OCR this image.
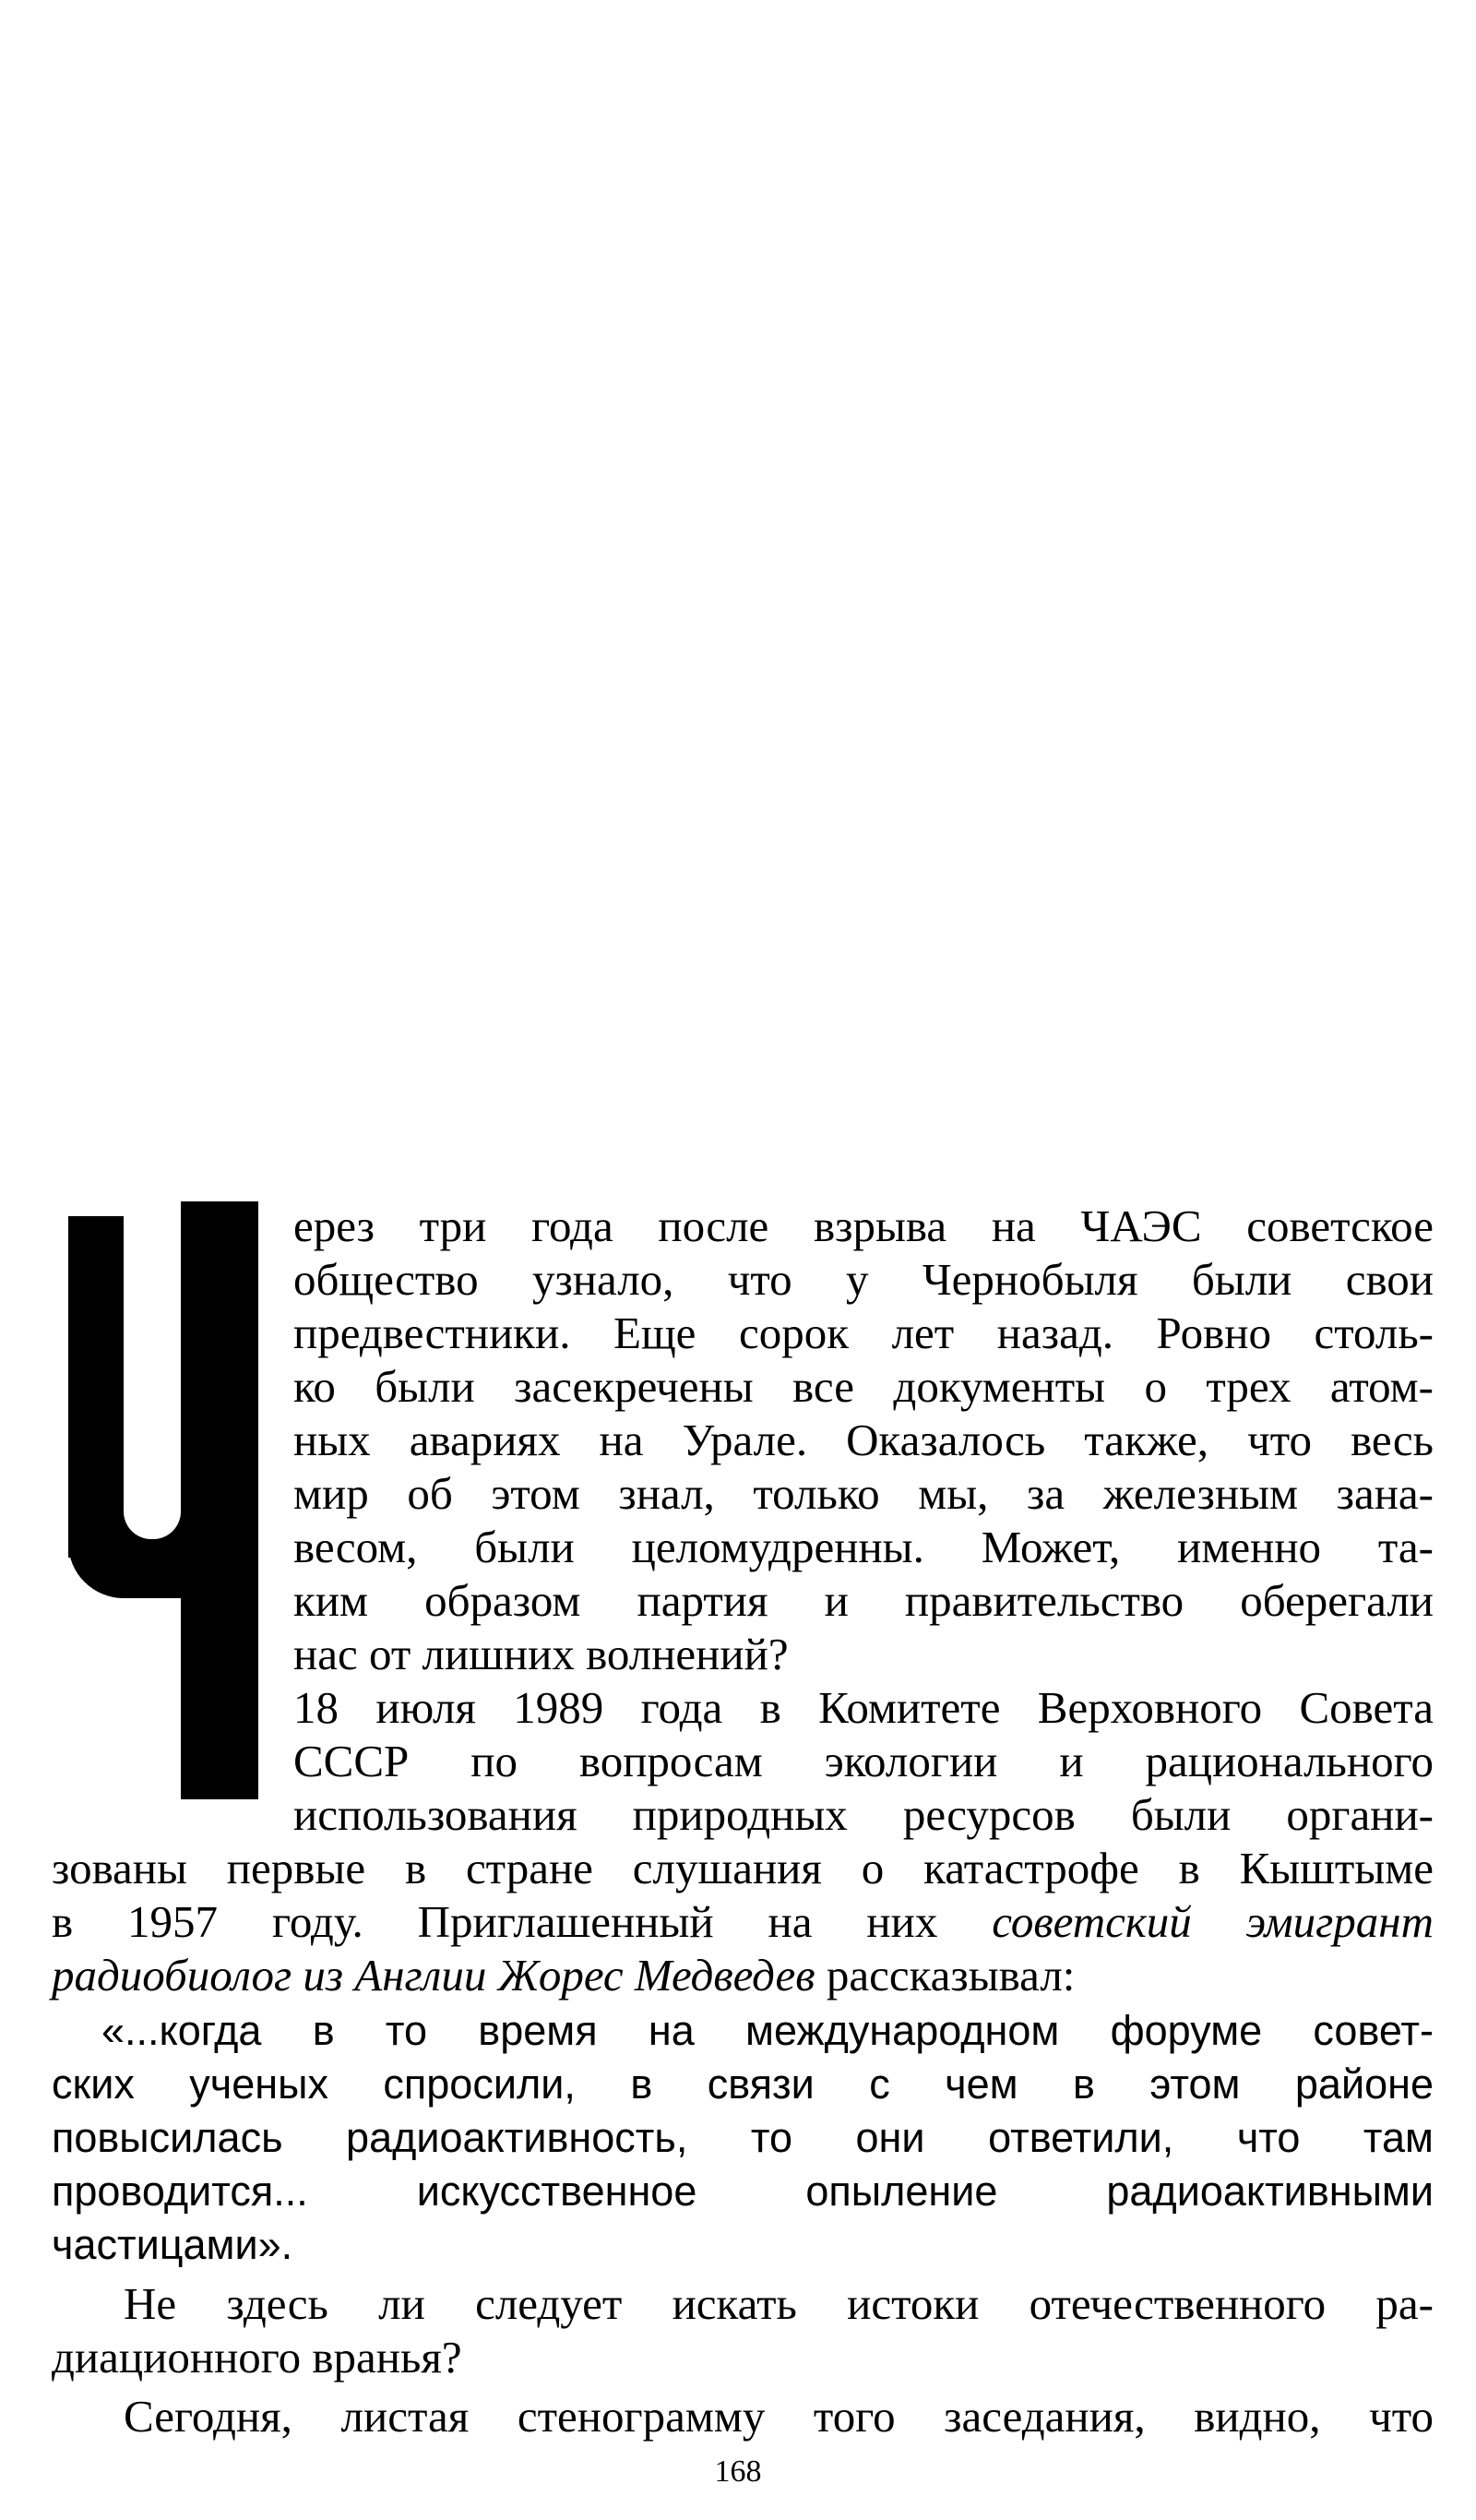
ерез три года после взрыва на ЧАЭС советское
общество узнало, что у Чернобыля были свои
предвестники. Еще сорок лет назад. Ровно столь-
ко были засекречены все документы о трех атом-
ных авариях на Урале. Оказалось также, что весь
мир об этом знал, только мы, за железным зана-
весом, были целомудренны. Может, именно та-
ким образом партия и правительство оберегали
нас от лишних волнений?
18 июля 1989 года в Комитете Верховного Совета
СССР по вопросам экологии и рационального
использования природных ресурсов были органи-
зованы первые в стране слушания о катастрофе в Кыштыме
в 1957 году. Приглашенный на них советский эмигрант
радиобиолог из Англии Жорес Медведев рассказывал:
«...когда в то время на международном форуме совет-
ских ученых спросили, в связи с чем в этом районе
повысилась радиоактивность, то они ответили, что там
проводится... искусственное опыление радиоактивными
частицами».
Не здесь ли следует искать истоки отечественного ра-
диационного вранья?
Сегодня, листая стенограмму того заседания, видно, что
168
